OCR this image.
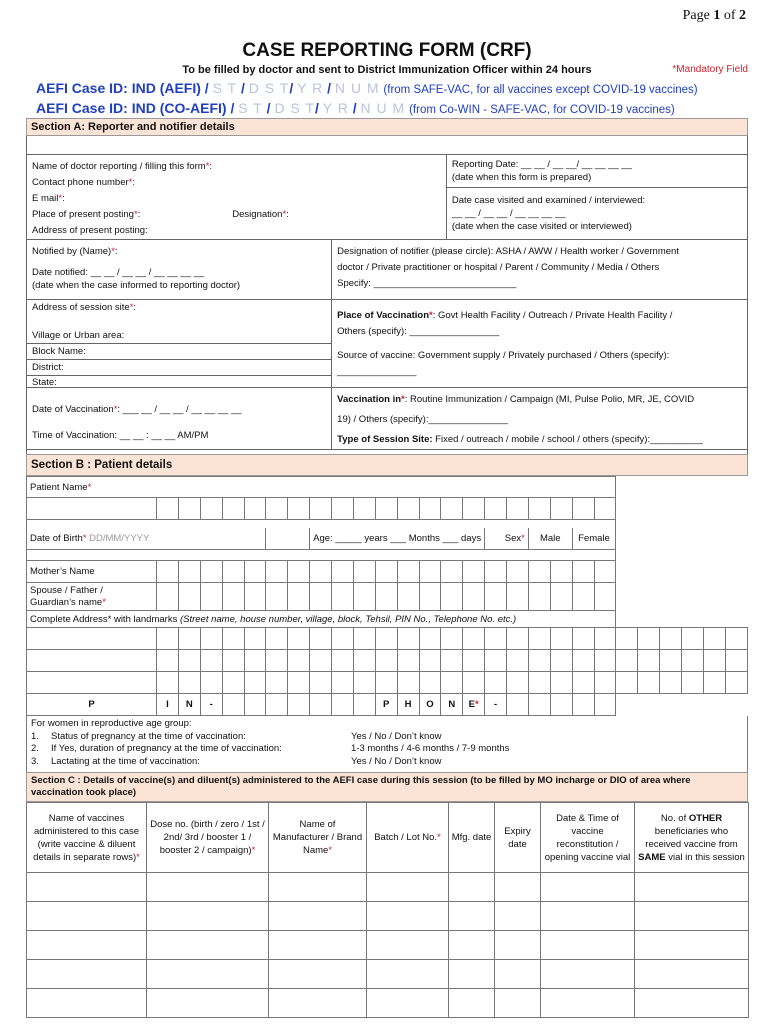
Page 1 of 2
CASE REPORTING FORM (CRF)
To be filled by doctor and sent to District Immunization Officer within 24 hours	*Mandatory Field
AEFI Case ID: IND (AEFI) / S T / D S T/ Y R / N U M (from SAFE-VAC, for all vaccines except COVID-19 vaccines)
AEFI Case ID: IND (CO-AEFI) / S T / D S T/ Y R / N U M (from Co-WIN - SAFE-VAC, for COVID-19 vaccines)
Section A: Reporter and notifier details
Name of doctor reporting / filling this form*:
Contact phone number*:
E mail*:
Place of present posting*:	Designation*:
Address of present posting:
Reporting Date: __ __ / __ __/ __ __ __ __
(date when this form is prepared)
Date case visited and examined / interviewed:
__ __ / __ __ / __ __ __ __
(date when the case visited or interviewed)
Notified by (Name)*:
Date notified: __ __ / __ __ / __ __ __ __
(date when the case informed to reporting doctor)
Designation of notifier (please circle): ASHA / AWW / Health worker / Government
doctor / Private practitioner or hospital / Parent / Community / Media / Others
Specify: ___________________________
Address of session site*:
Village or Urban area:
Block Name:
District:
State:
Place of Vaccination*: Govt Health Facility / Outreach / Private Health Facility /
Others (specify): _________________
Source of vaccine: Government supply / Privately purchased / Others (specify):
_______________
Date of Vaccination*: ___ __ / __ __ / __ __ __ __
Time of Vaccination: __ __ : __ __ AM/PM
Vaccination in*: Routine Immunization / Campaign (MI, Pulse Polio, MR, JE, COVID
19) / Others (specify):_______________
Type of Session Site: Fixed / outreach / mobile / school / others (specify):__________
Section B : Patient details
Patient Name*																											

Date of Birth* DD/MM/YYYY								Age: _____ years ___ Months ___ days								Sex*		Male		Female							

Mother’s Name																											
Spouse / Father /
Guardian’s name*																											
Complete Address* with landmarks (Street name, house number, village, block, Tehsil, PIN No., Telephone No. etc.)																											

P	I	N	-								P	H	O	N	E*	-											
For women in reproductive age group:
1. Status of pregnancy at the time of vaccination:	Yes / No / Don’t know
2. If Yes, duration of pregnancy at the time of vaccination:	1-3 months / 4-6 months / 7-9 months
3. Lactating at the time of vaccination:	Yes / No / Don’t know
Section C : Details of vaccine(s) and diluent(s) administered to the AEFI case during this session (to be filled by MO incharge or DIO of area where vaccination took place)
Name of vaccines administered to this case (write vaccine & diluent details in separate rows)*	Dose no. (birth / zero / 1st / 2nd/ 3rd / booster 1 / booster 2 / campaign)*	Name of Manufacturer / Brand Name*	Batch / Lot No.*	Mfg. date	Expiry date	Date & Time of vaccine reconstitution / opening vaccine vial	No. of OTHER beneficiaries who received vaccine from SAME vial in this session
